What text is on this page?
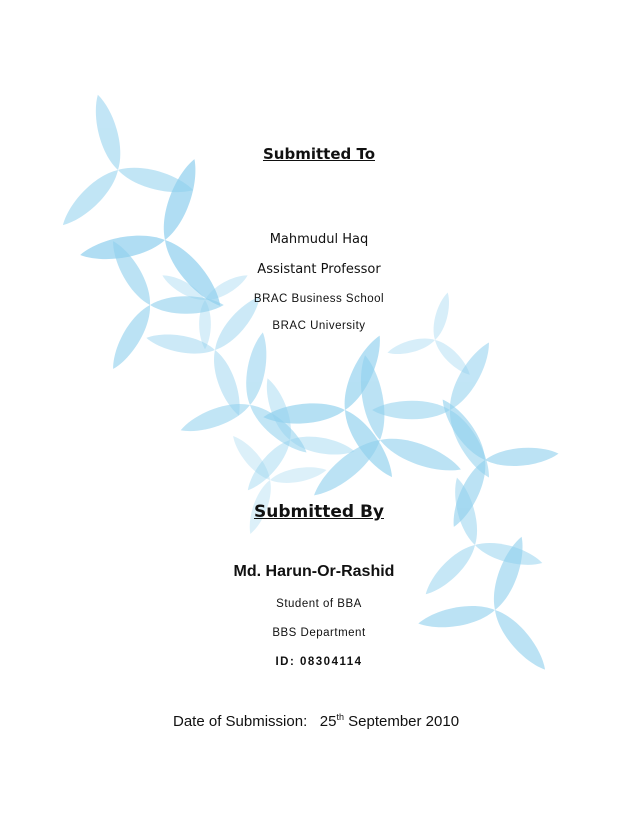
Submitted To
Mahmudul Haq
Assistant Professor
BRAC Business School
BRAC University
Submitted By
Md. Harun-Or-Rashid
Student of BBA
BBS Department
ID: 08304114
Date of Submission: 25th September 2010
